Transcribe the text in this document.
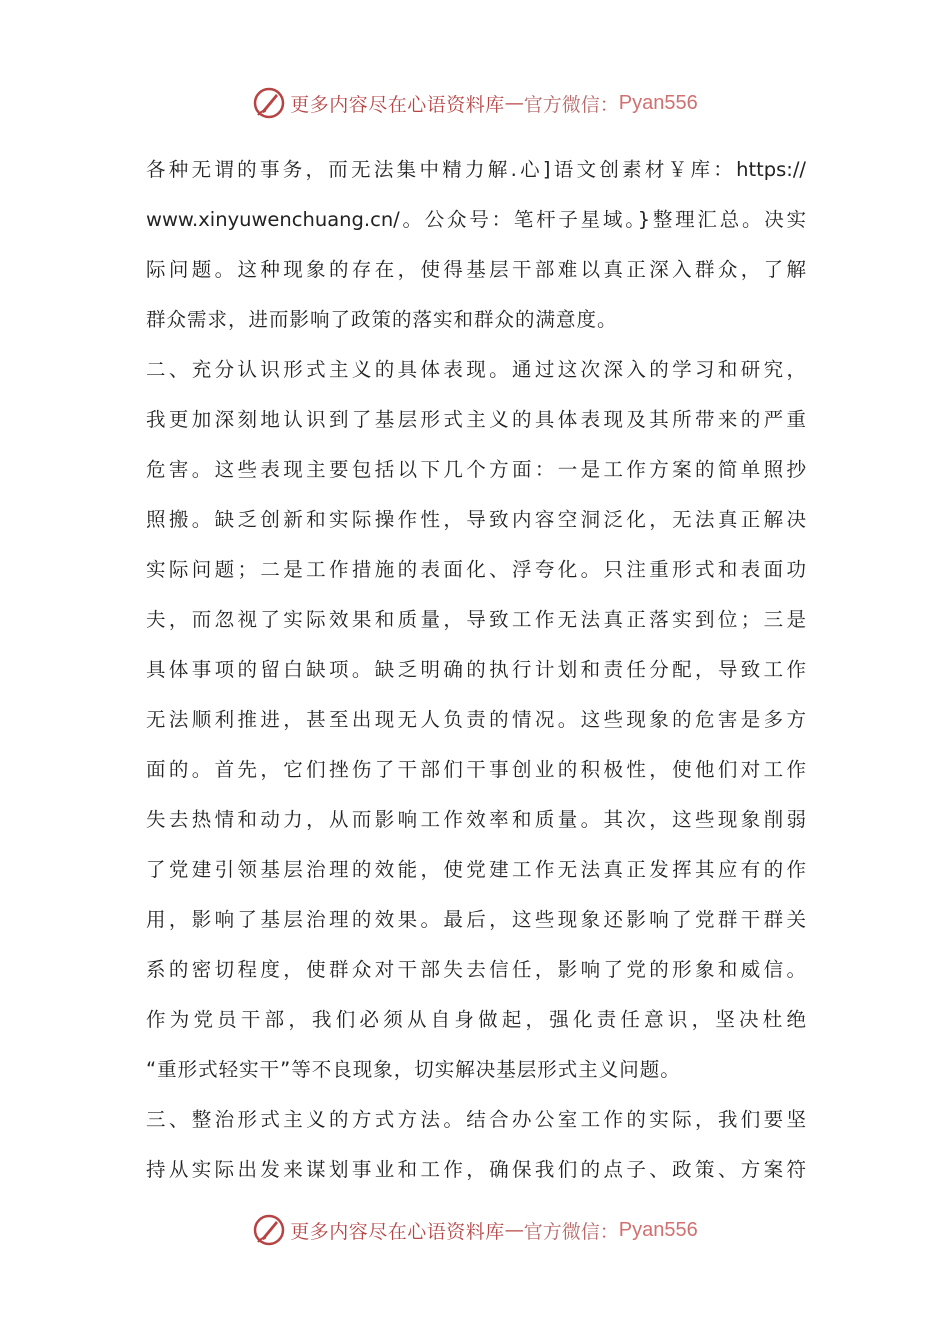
更多内容尽在心语资料库 — 官方微信： Pyan556
各种无谓的事务，而无法集中精力解.心]语文创素材￥库：https://
www.xinyuwenchuang.cn/。公众号：笔杆子星域。}整理汇总。决实
际问题。这种现象的存在，使得基层干部难以真正深入群众，了解
群众需求，进而影响了政策的落实和群众的满意度。
二、充分认识形式主义的具体表现。通过这次深入的学习和研究，
我更加深刻地认识到了基层形式主义的具体表现及其所带来的严重
危害。这些表现主要包括以下几个方面：一是工作方案的简单照抄
照搬。缺乏创新和实际操作性，导致内容空洞泛化，无法真正解决
实际问题；二是工作措施的表面化、浮夸化。只注重形式和表面功
夫，而忽视了实际效果和质量，导致工作无法真正落实到位；三是
具体事项的留白缺项。缺乏明确的执行计划和责任分配，导致工作
无法顺利推进，甚至出现无人负责的情况。这些现象的危害是多方
面的。首先，它们挫伤了干部们干事创业的积极性，使他们对工作
失去热情和动力，从而影响工作效率和质量。其次，这些现象削弱
了党建引领基层治理的效能，使党建工作无法真正发挥其应有的作
用，影响了基层治理的效果。最后，这些现象还影响了党群干群关
系的密切程度，使群众对干部失去信任，影响了党的形象和威信。
作为党员干部，我们必须从自身做起，强化责任意识，坚决杜绝
“重形式轻实干”等不良现象，切实解决基层形式主义问题。
三、整治形式主义的方式方法。结合办公室工作的实际，我们要坚
持从实际出发来谋划事业和工作，确保我们的点子、政策、方案符
更多内容尽在心语资料库 — 官方微信： Pyan556
